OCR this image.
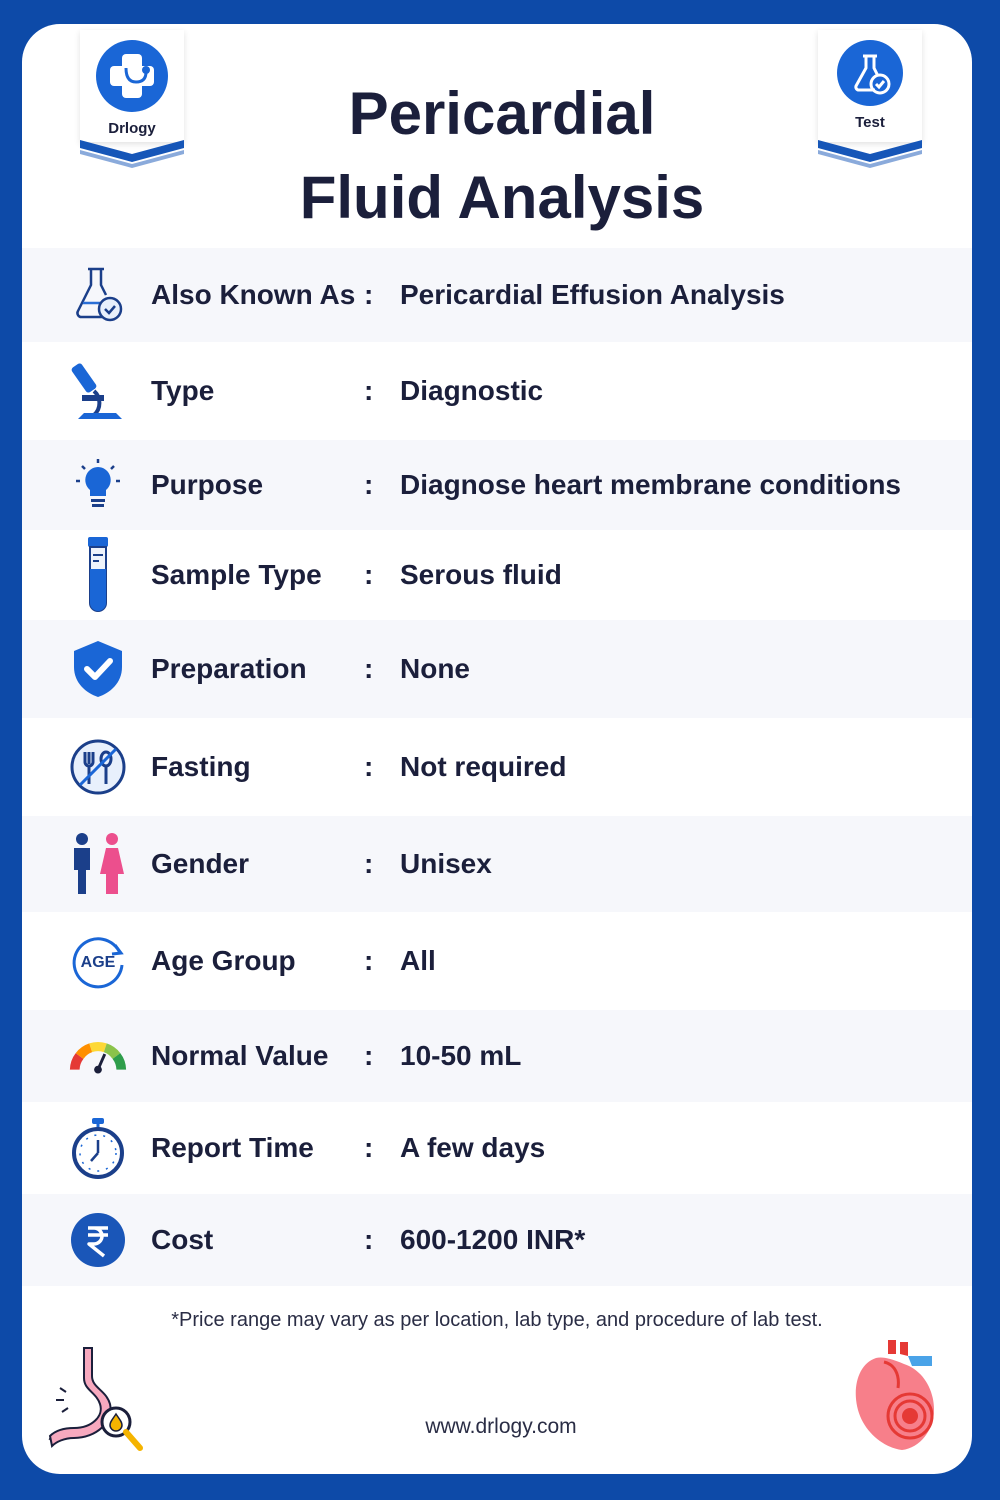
Drlogy	Test
Pericardial
Fluid Analysis
Also Known As : Pericardial Effusion Analysis
Type	: Diagnostic
Purpose	: Diagnose heart membrane conditions
Sample Type : Serous fluid
Preparation : None
Fasting	: Not required
Gender	: Unisex
AGE Age Group : All
Normal Value : 10-50 mL
Report Time : A few days
Cost	: 600-1200 INR*
*Price range may vary as per location, lab type, and procedure of lab test.
www.drlogy.com
